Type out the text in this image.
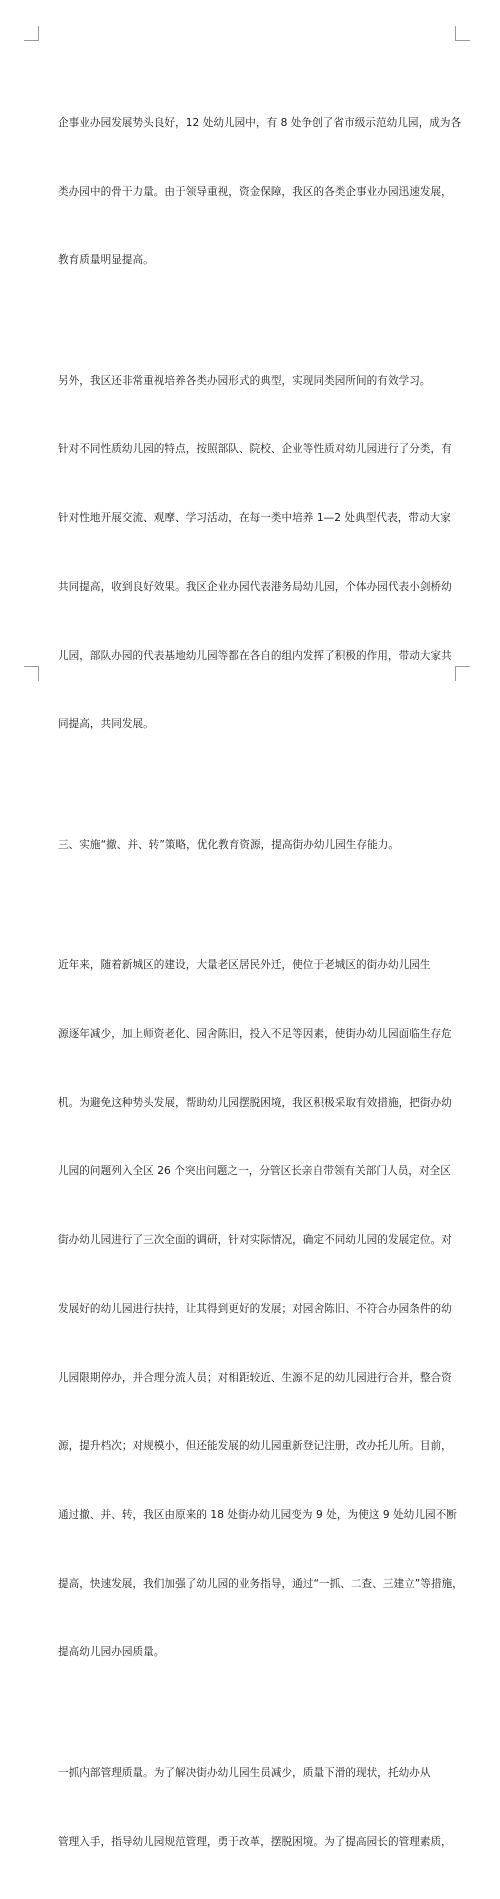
企事业办园发展势头良好，12 处幼儿园中，有 8 处争创了省市级示范幼儿园，成为各

类办园中的骨干力量。由于领导重视，资金保障，我区的各类企事业办园迅速发展，

教育质量明显提高。

另外，我区还非常重视培养各类办园形式的典型，实现同类园所间的有效学习。

针对不同性质幼儿园的特点，按照部队、院校、企业等性质对幼儿园进行了分类，有

针对性地开展交流、观摩、学习活动，在每一类中培养 1—2 处典型代表，带动大家

共同提高，收到良好效果。我区企业办园代表港务局幼儿园，个体办园代表小剑桥幼

儿园，部队办园的代表基地幼儿园等都在各自的组内发挥了积极的作用，带动大家共

同提高，共同发展。

三、实施“撤、并、转”策略，优化教育资源，提高街办幼儿园生存能力。

近年来，随着新城区的建设，大量老区居民外迁，使位于老城区的街办幼儿园生

源逐年减少，加上师资老化、园舍陈旧，投入不足等因素，使街办幼儿园面临生存危

机。为避免这种势头发展，帮助幼儿园摆脱困境，我区积极采取有效措施，把街办幼

儿园的问题列入全区 26 个突出问题之一，分管区长亲自带领有关部门人员，对全区

街办幼儿园进行了三次全面的调研，针对实际情况，确定不同幼儿园的发展定位。对

发展好的幼儿园进行扶持，让其得到更好的发展；对园舍陈旧、不符合办园条件的幼

儿园限期停办，并合理分流人员；对相距较近、生源不足的幼儿园进行合并，整合资

源，提升档次；对规模小，但还能发展的幼儿园重新登记注册，改办托儿所。目前，

通过撤、并、转，我区由原来的 18 处街办幼儿园变为 9 处，为使这 9 处幼儿园不断

提高，快速发展，我们加强了幼儿园的业务指导，通过“一抓、二查、三建立”等措施，

提高幼儿园办园质量。

一抓内部管理质量。为了解决街办幼儿园生员减少，质量下滑的现状，托幼办从

管理入手，指导幼儿园规范管理，勇于改革，摆脱困境。为了提高园长的管理素质，
